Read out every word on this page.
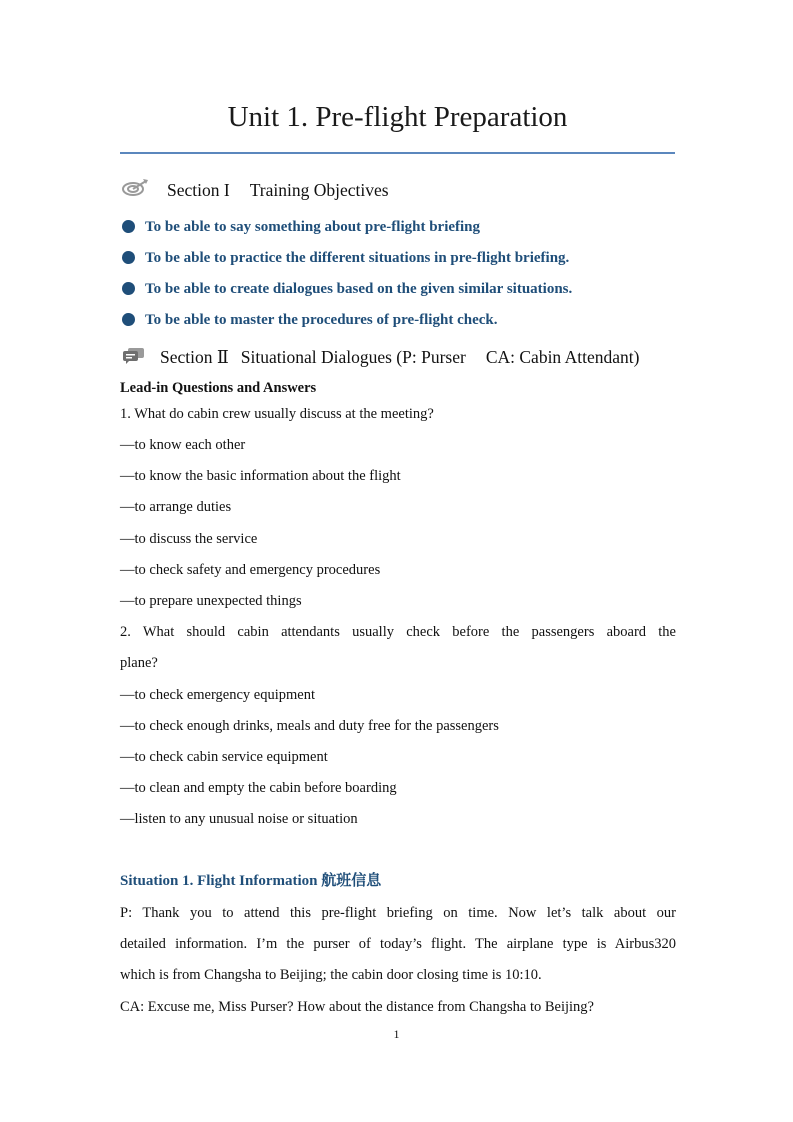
Unit 1. Pre-flight Preparation
Section I Training Objectives
To be able to say something about pre-flight briefing
To be able to practice the different situations in pre-flight briefing.
To be able to create dialogues based on the given similar situations.
To be able to master the procedures of pre-flight check.
Section Ⅱ Situational Dialogues (P: Purser CA: Cabin Attendant)
Lead-in Questions and Answers
1. What do cabin crew usually discuss at the meeting?
—to know each other
—to know the basic information about the flight
—to arrange duties
—to discuss the service
—to check safety and emergency procedures
—to prepare unexpected things
2. What should cabin attendants usually check before the passengers aboard the
plane?
—to check emergency equipment
—to check enough drinks, meals and duty free for the passengers
—to check cabin service equipment
—to clean and empty the cabin before boarding
—listen to any unusual noise or situation
Situation 1. Flight Information 航班信息
P: Thank you to attend this pre-flight briefing on time. Now let’s talk about our
detailed information. I’m the purser of today’s flight. The airplane type is Airbus320
which is from Changsha to Beijing; the cabin door closing time is 10:10.
CA: Excuse me, Miss Purser? How about the distance from Changsha to Beijing?
1
